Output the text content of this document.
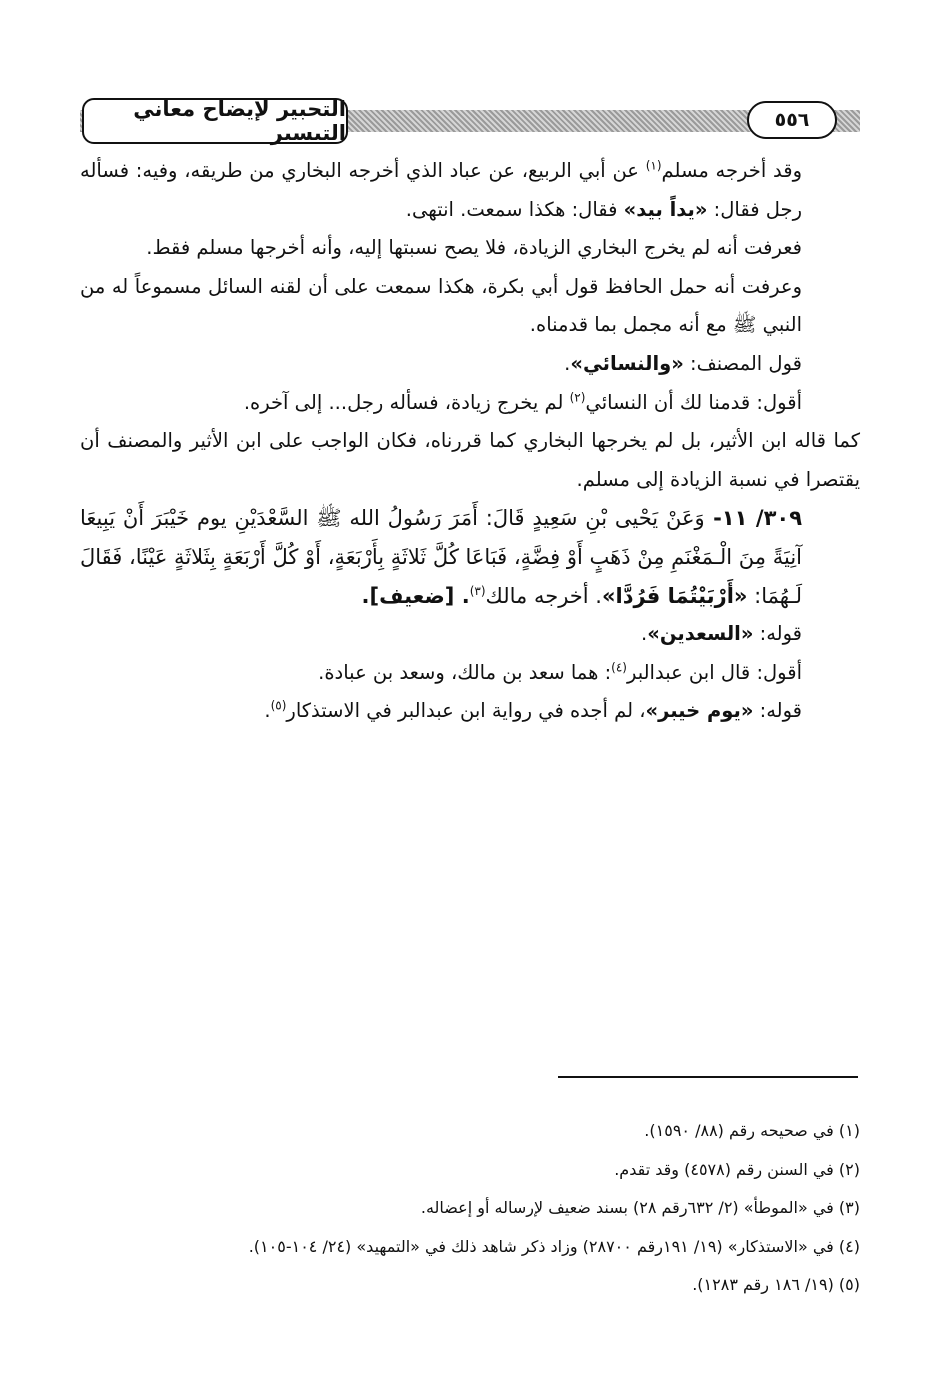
التحبير لإيضاح معاني التيسير
٥٥٦

وقد أخرجه مسلم$^{(١)}$ عن أبي الربيع، عن عباد الذي أخرجه البخاري من طريقه، وفيه: فسأله رجل فقال: «يداً بيد» فقال: هكذا سمعت. انتهى.

فعرفت أنه لم يخرج البخاري الزيادة، فلا يصح نسبتها إليه، وأنه أخرجها مسلم فقط.

وعرفت أنه حمل الحافظ قول أبي بكرة، هكذا سمعت على أن لقنه السائل مسموعاً له من النبي ﷺ مع أنه مجمل بما قدمناه.

قول المصنف: «والنسائي».

أقول: قدمنا لك أن النسائي$^{(٢)}$ لم يخرج زيادة، فسأله رجل... إلى آخره.

كما قاله ابن الأثير، بل لم يخرجها البخاري كما قررناه، فكان الواجب على ابن الأثير والمصنف أن يقتصرا في نسبة الزيادة إلى مسلم.

٣٠٩/ ١١- وَعَنْ يَحْيى بْنِ سَعِيدٍ قَالَ: أَمَرَ رَسُولُ الله ﷺ السَّعْدَيْنِ يوم خَيْبَرَ أَنْ يَبِيعَا آنِيَةً مِنَ الْـمَغْنَمِ مِنْ ذَهَبٍ أَوْ فِضَّةٍ، فَبَاعَا كُلَّ ثَلاثَةٍ بِأَرْبَعَةٍ، أَوْ كُلَّ أَرْبَعَةٍ بِثَلاثَةٍ عَيْنًا، فَقَالَ لَـهُمَا: «أَرْبَيْتُمَا فَرُدَّا». أخرجه مالك$^{(٣)}$. [ضعيف].

قوله: «السعدين».

أقول: قال ابن عبدالبر$^{(٤)}$: هما سعد بن مالك، وسعد بن عبادة.

قوله: «يوم خيبر»، لم أجده في رواية ابن عبدالبر في الاستذكار$^{(٥)}$.

(١) في صحيحه رقم (٨٨/ ١٥٩٠).

(٢) في السنن رقم (٤٥٧٨) وقد تقدم.

(٣) في «الموطأ» (٢/ ٦٣٢رقم ٢٨) بسند ضعيف لإرساله أو إعضاله.

(٤) في «الاستذكار» (١٩/ ١٩١رقم ٢٨٧٠٠) وزاد ذكر شاهد ذلك في «التمهيد» (٢٤/ ١٠٤-١٠٥).

(٥) (١٩/ ١٨٦ رقم ١٢٨٣).
